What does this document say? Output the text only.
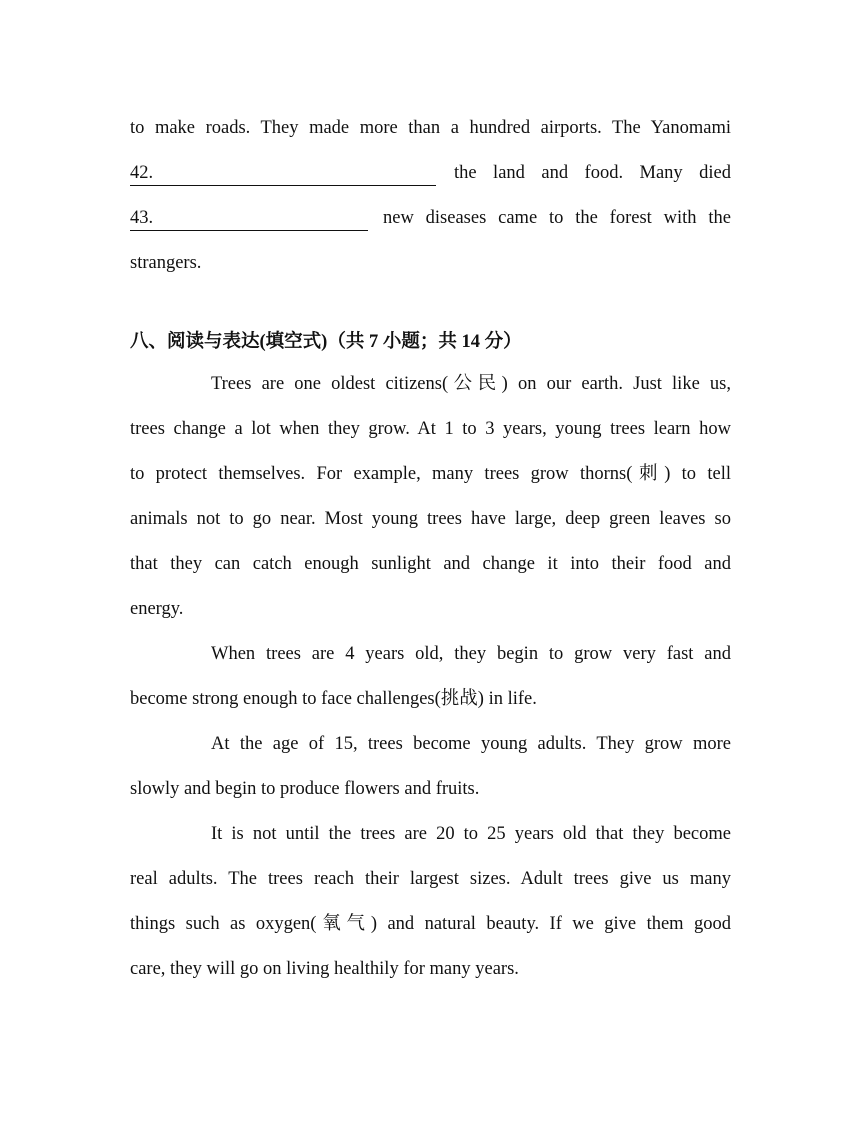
to make roads. They made more than a hundred airports. The Yanomami
42.	the land and food. Many died
43.	new diseases came to the forest with the
strangers.
八、阅读与表达(填空式)（共 7 小题；共 14 分）
Trees are one oldest citizens(公民) on our earth. Just like us,
trees change a lot when they grow. At 1 to 3 years, young trees learn how
to protect themselves. For example, many trees grow thorns(刺) to tell
animals not to go near. Most young trees have large, deep green leaves so
that they can catch enough sunlight and change it into their food and
energy.
When trees are 4 years old, they begin to grow very fast and
become strong enough to face challenges(挑战) in life.
At the age of 15, trees become young adults. They grow more
slowly and begin to produce flowers and fruits.
It is not until the trees are 20 to 25 years old that they become
real adults. The trees reach their largest sizes. Adult trees give us many
things such as oxygen(氧气) and natural beauty. If we give them good
care, they will go on living healthily for many years.
